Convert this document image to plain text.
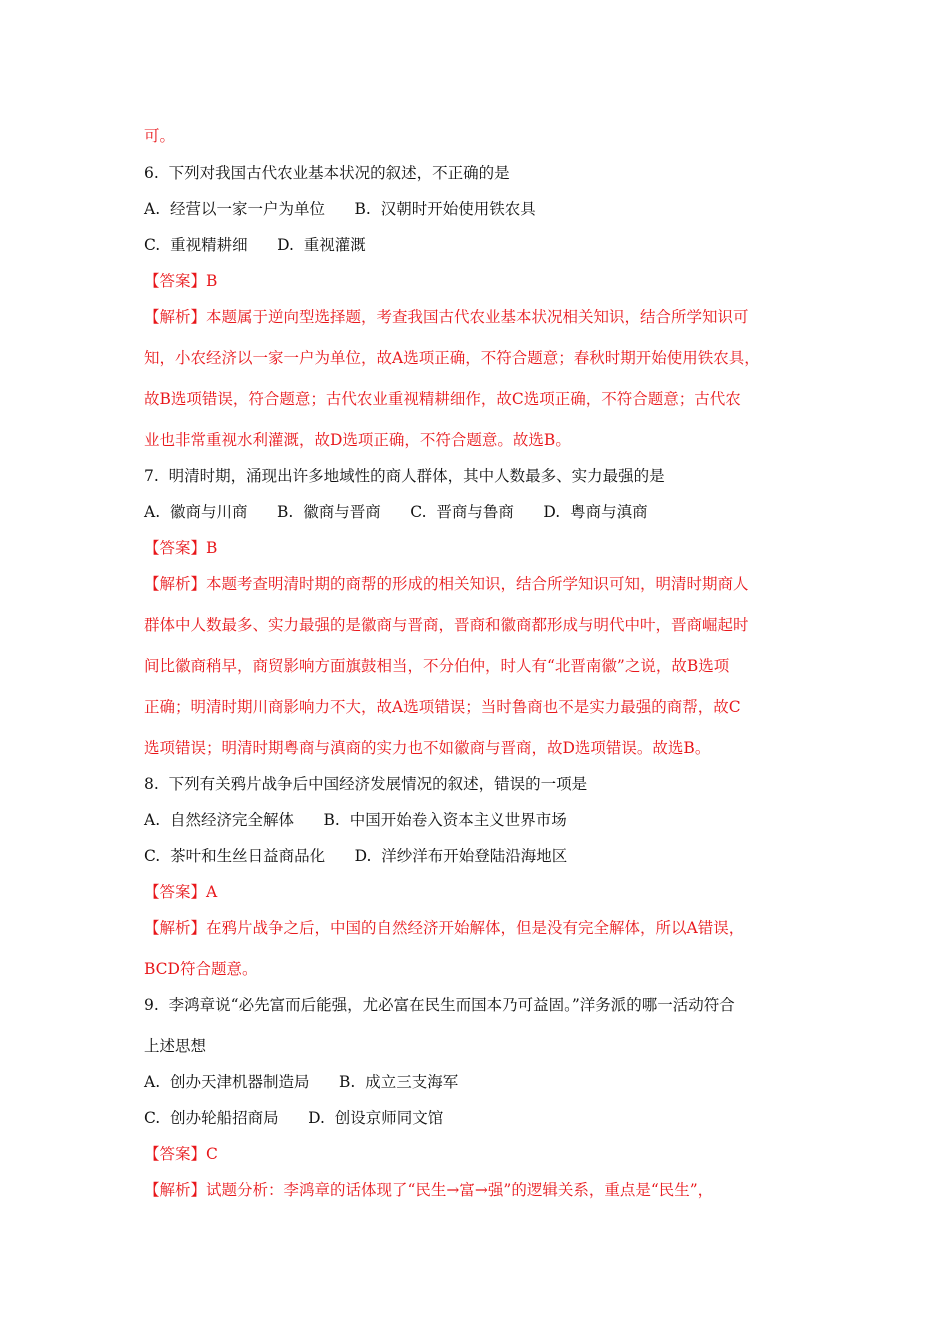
可。
6.  下列对我国古代农业基本状况的叙述，不正确的是
A.  经营以一家一户为单位      B.  汉朝时开始使用铁农具
C.  重视精耕细      D.  重视灌溉
【答案】B
【解析】本题属于逆向型选择题，考查我国古代农业基本状况相关知识，结合所学知识可
知，小农经济以一家一户为单位，故A选项正确，不符合题意；春秋时期开始使用铁农具，
故B选项错误，符合题意；古代农业重视精耕细作，故C选项正确，不符合题意；古代农
业也非常重视水利灌溉，故D选项正确，不符合题意。故选B。
7.  明清时期，涌现出许多地域性的商人群体，其中人数最多、实力最强的是
A.  徽商与川商      B.  徽商与晋商      C.  晋商与鲁商      D.  粤商与滇商
【答案】B
【解析】本题考查明清时期的商帮的形成的相关知识，结合所学知识可知，明清时期商人
群体中人数最多、实力最强的是徽商与晋商，晋商和徽商都形成与明代中叶，晋商崛起时
间比徽商稍早，商贸影响方面旗鼓相当，不分伯仲，时人有“北晋南徽”之说，故B选项
正确；明清时期川商影响力不大，故A选项错误；当时鲁商也不是实力最强的商帮，故C
选项错误；明清时期粤商与滇商的实力也不如徽商与晋商，故D选项错误。故选B。
8.  下列有关鸦片战争后中国经济发展情况的叙述，错误的一项是
A.  自然经济完全解体      B.  中国开始卷入资本主义世界市场
C.  茶叶和生丝日益商品化      D.  洋纱洋布开始登陆沿海地区
【答案】A
【解析】在鸦片战争之后，中国的自然经济开始解体，但是没有完全解体，所以A错误，
BCD符合题意。
9.  李鸿章说“必先富而后能强，尤必富在民生而国本乃可益固。”洋务派的哪一活动符合
上述思想
A.  创办天津机器制造局      B.  成立三支海军
C.  创办轮船招商局      D.  创设京师同文馆
【答案】C
【解析】试题分析：李鸿章的话体现了“民生→富→强”的逻辑关系，重点是“民生”，
